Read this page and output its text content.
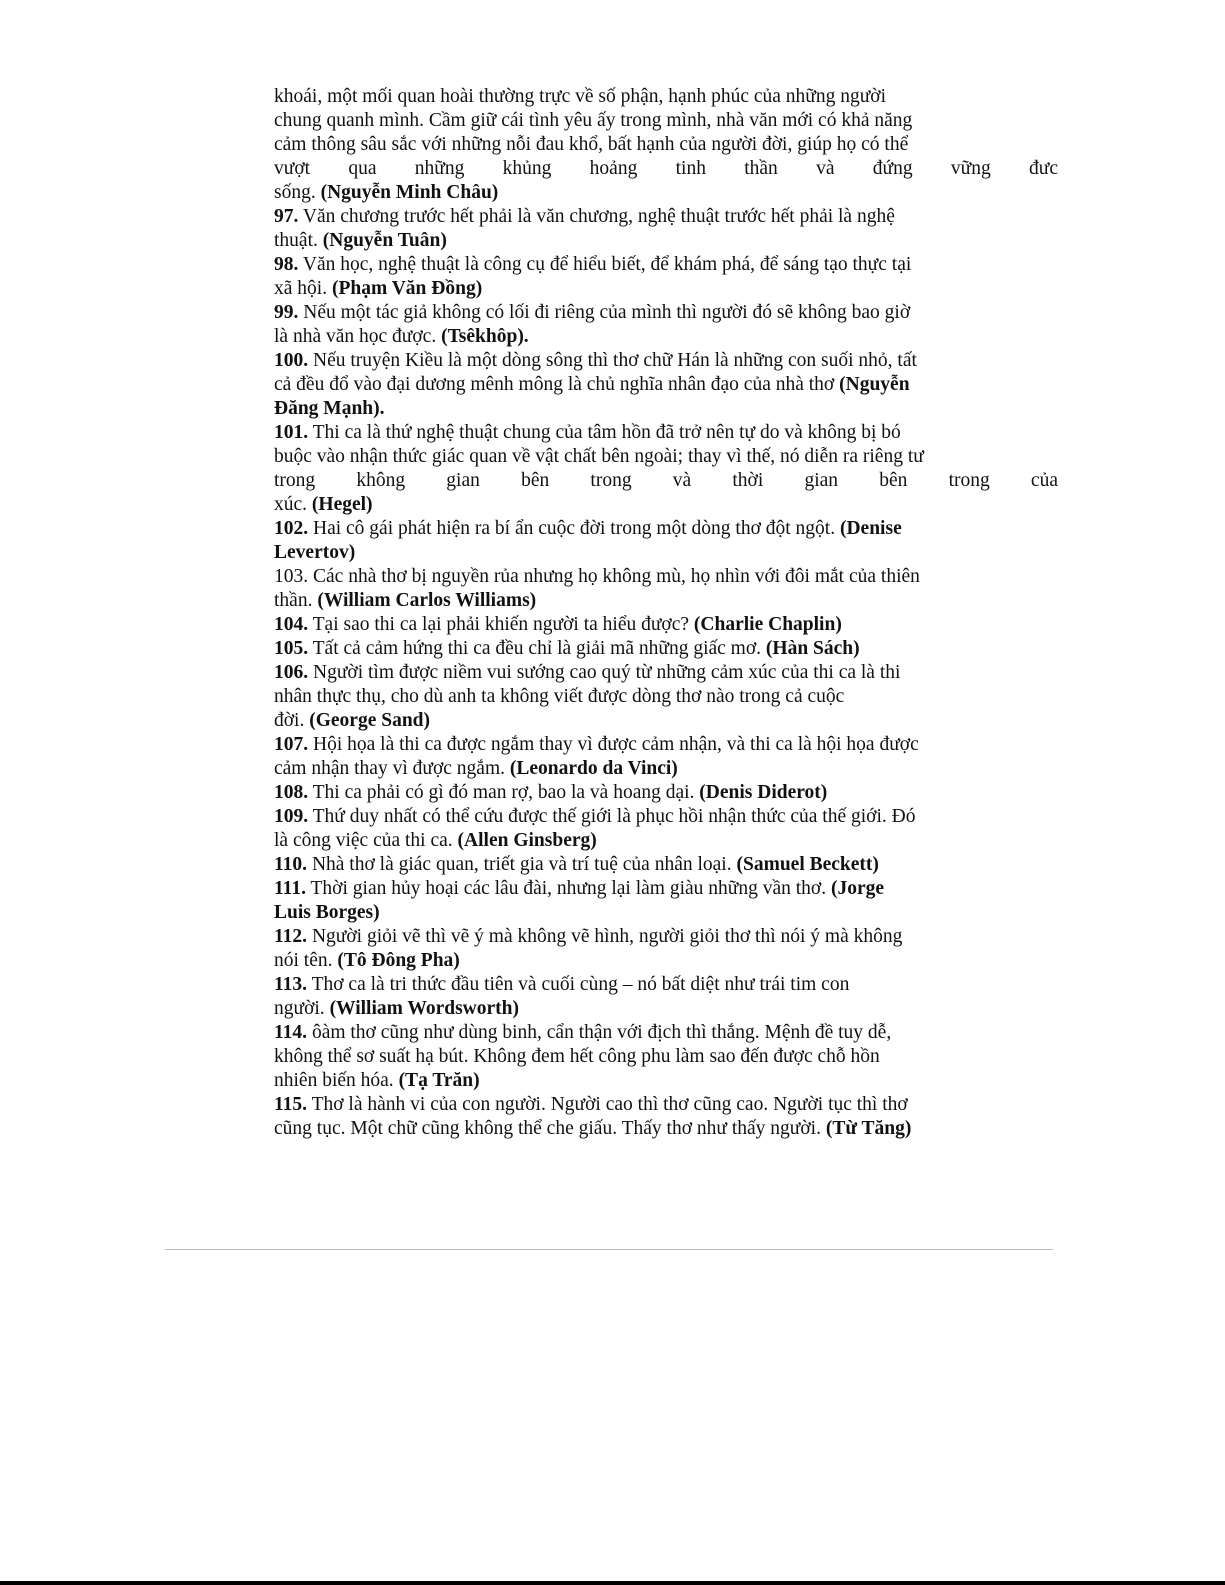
khoái, một mối quan hoài thường trực về số phận, hạnh phúc của những người
chung quanh mình. Cầm giữ cái tình yêu ấy trong mình, nhà văn mới có khả năng
cảm thông sâu sắc với những nỗi đau khổ, bất hạnh của người đời, giúp họ có thể
vượt qua những khủng hoảng tinh thần và đứng vững đưc
sống. (Nguyễn Minh Châu)
97. Văn chương trước hết phải là văn chương, nghệ thuật trước hết phải là nghệ
thuật. (Nguyễn Tuân)
98. Văn học, nghệ thuật là công cụ để hiểu biết, để khám phá, để sáng tạo thực tại
xã hội. (Phạm Văn Đồng)
99. Nếu một tác giả không có lối đi riêng của mình thì người đó sẽ không bao giờ
là nhà văn học được. (Tsêkhôp).
100. Nếu truyện Kiều là một dòng sông thì thơ chữ Hán là những con suối nhỏ, tất
cả đều đổ vào đại dương mênh mông là chủ nghĩa nhân đạo của nhà thơ (Nguyễn
Đăng Mạnh).
101. Thi ca là thứ nghệ thuật chung của tâm hồn đã trở nên tự do và không bị bó
buộc vào nhận thức giác quan về vật chất bên ngoài; thay vì thế, nó diễn ra riêng tư
trong không gian bên trong và thời gian bên trong của
xúc. (Hegel)
102. Hai cô gái phát hiện ra bí ẩn cuộc đời trong một dòng thơ đột ngột. (Denise
Levertov)
103. Các nhà thơ bị nguyền rủa nhưng họ không mù, họ nhìn với đôi mắt của thiên
thần. (William Carlos Williams)
104. Tại sao thi ca lại phải khiến người ta hiểu được? (Charlie Chaplin)
105. Tất cả cảm hứng thi ca đều chỉ là giải mã những giấc mơ. (Hàn Sách)
106. Người tìm được niềm vui sướng cao quý từ những cảm xúc của thi ca là thi
nhân thực thụ, cho dù anh ta không viết được dòng thơ nào trong cả cuộc
đời. (George Sand)
107. Hội họa là thi ca được ngắm thay vì được cảm nhận, và thi ca là hội họa được
cảm nhận thay vì được ngắm. (Leonardo da Vinci)
108. Thi ca phải có gì đó man rợ, bao la và hoang dại. (Denis Diderot)
109. Thứ duy nhất có thể cứu được thế giới là phục hồi nhận thức của thế giới. Đó
là công việc của thi ca. (Allen Ginsberg)
110. Nhà thơ là giác quan, triết gia và trí tuệ của nhân loại. (Samuel Beckett)
111. Thời gian hủy hoại các lâu đài, nhưng lại làm giàu những vần thơ. (Jorge
Luis Borges)
112. Người giỏi vẽ thì vẽ ý mà không vẽ hình, người giỏi thơ thì nói ý mà không
nói tên. (Tô Đông Pha)
113. Thơ ca là tri thức đầu tiên và cuối cùng – nó bất diệt như trái tim con
người. (William Wordsworth)
114. ôàm thơ cũng như dùng binh, cẩn thận với địch thì thắng. Mệnh đề tuy dễ,
không thể sơ suất hạ bút. Không đem hết công phu làm sao đến được chỗ hồn
nhiên biến hóa. (Tạ Trăn)
115. Thơ là hành vi của con người. Người cao thì thơ cũng cao. Người tục thì thơ
cũng tục. Một chữ cũng không thể che giấu. Thấy thơ như thấy người. (Từ Tăng)
